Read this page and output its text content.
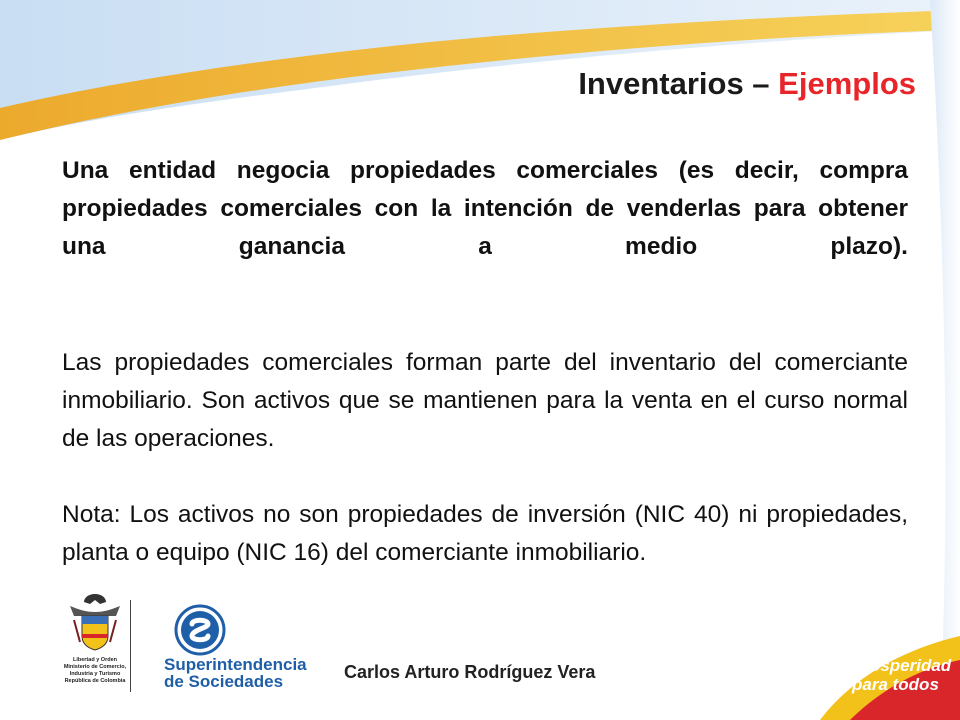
Inventarios – Ejemplos
Una entidad negocia propiedades comerciales (es decir, compra propiedades comerciales con la intención de venderlas para obtener una ganancia a medio plazo).
Las propiedades comerciales forman parte del inventario del comerciante inmobiliario. Son activos que se mantienen para la venta en el curso normal de las operaciones.
Nota: Los activos no son propiedades de inversión (NIC 40) ni propiedades, planta o equipo (NIC 16) del comerciante inmobiliario.
Libertad y Orden
Ministerio de Comercio,
Industria y Turismo
República de Colombia
Superintendencia
de Sociedades	Carlos Arturo Rodríguez Vera	Prosperidad
para todos
